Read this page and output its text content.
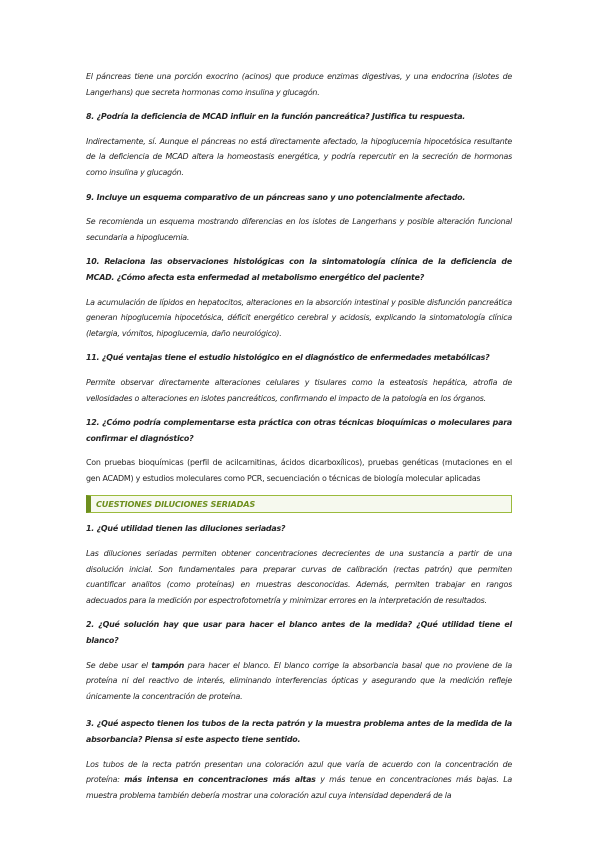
El páncreas tiene una porción exocrino (acinos) que produce enzimas digestivas, y una endocrina (islotes de Langerhans) que secreta hormonas como insulina y glucagón.

8. ¿Podría la deficiencia de MCAD influir en la función pancreática? Justifica tu respuesta.

Indirectamente, sí. Aunque el páncreas no está directamente afectado, la hipoglucemia hipocetósica resultante de la deficiencia de MCAD altera la homeostasis energética, y podría repercutir en la secreción de hormonas como insulina y glucagón.

9. Incluye un esquema comparativo de un páncreas sano y uno potencialmente afectado.

Se recomienda un esquema mostrando diferencias en los islotes de Langerhans y posible alteración funcional secundaria a hipoglucemia.

10. Relaciona las observaciones histológicas con la sintomatología clínica de la deficiencia de MCAD. ¿Cómo afecta esta enfermedad al metabolismo energético del paciente?

La acumulación de lípidos en hepatocitos, alteraciones en la absorción intestinal y posible disfunción pancreática generan hipoglucemia hipocetósica, déficit energético cerebral y acidosis, explicando la sintomatología clínica (letargia, vómitos, hipoglucemia, daño neurológico).

11. ¿Qué ventajas tiene el estudio histológico en el diagnóstico de enfermedades metabólicas?

Permite observar directamente alteraciones celulares y tisulares como la esteatosis hepática, atrofia de vellosidades o alteraciones en islotes pancreáticos, confirmando el impacto de la patología en los órganos.

12. ¿Cómo podría complementarse esta práctica con otras técnicas bioquímicas o moleculares para confirmar el diagnóstico?

Con pruebas bioquímicas (perfil de acilcarnitinas, ácidos dicarboxílicos), pruebas genéticas (mutaciones en el gen ACADM) y estudios moleculares como PCR, secuenciación o técnicas de biología molecular aplicadas

CUESTIONES DILUCIONES SERIADAS

1. ¿Qué utilidad tienen las diluciones seriadas?

Las diluciones seriadas permiten obtener concentraciones decrecientes de una sustancia a partir de una disolución inicial. Son fundamentales para preparar curvas de calibración (rectas patrón) que permiten cuantificar analitos (como proteínas) en muestras desconocidas. Además, permiten trabajar en rangos adecuados para la medición por espectrofotometría y minimizar errores en la interpretación de resultados.

2. ¿Qué solución hay que usar para hacer el blanco antes de la medida? ¿Qué utilidad tiene el blanco?

Se debe usar el tampón para hacer el blanco. El blanco corrige la absorbancia basal que no proviene de la proteína ni del reactivo de interés, eliminando interferencias ópticas y asegurando que la medición refleje únicamente la concentración de proteína.

3. ¿Qué aspecto tienen los tubos de la recta patrón y la muestra problema antes de la medida de la absorbancia? Piensa si este aspecto tiene sentido.

Los tubos de la recta patrón presentan una coloración azul que varía de acuerdo con la concentración de proteína: más intensa en concentraciones más altas y más tenue en concentraciones más bajas. La muestra problema también debería mostrar una coloración azul cuya intensidad dependerá de la
